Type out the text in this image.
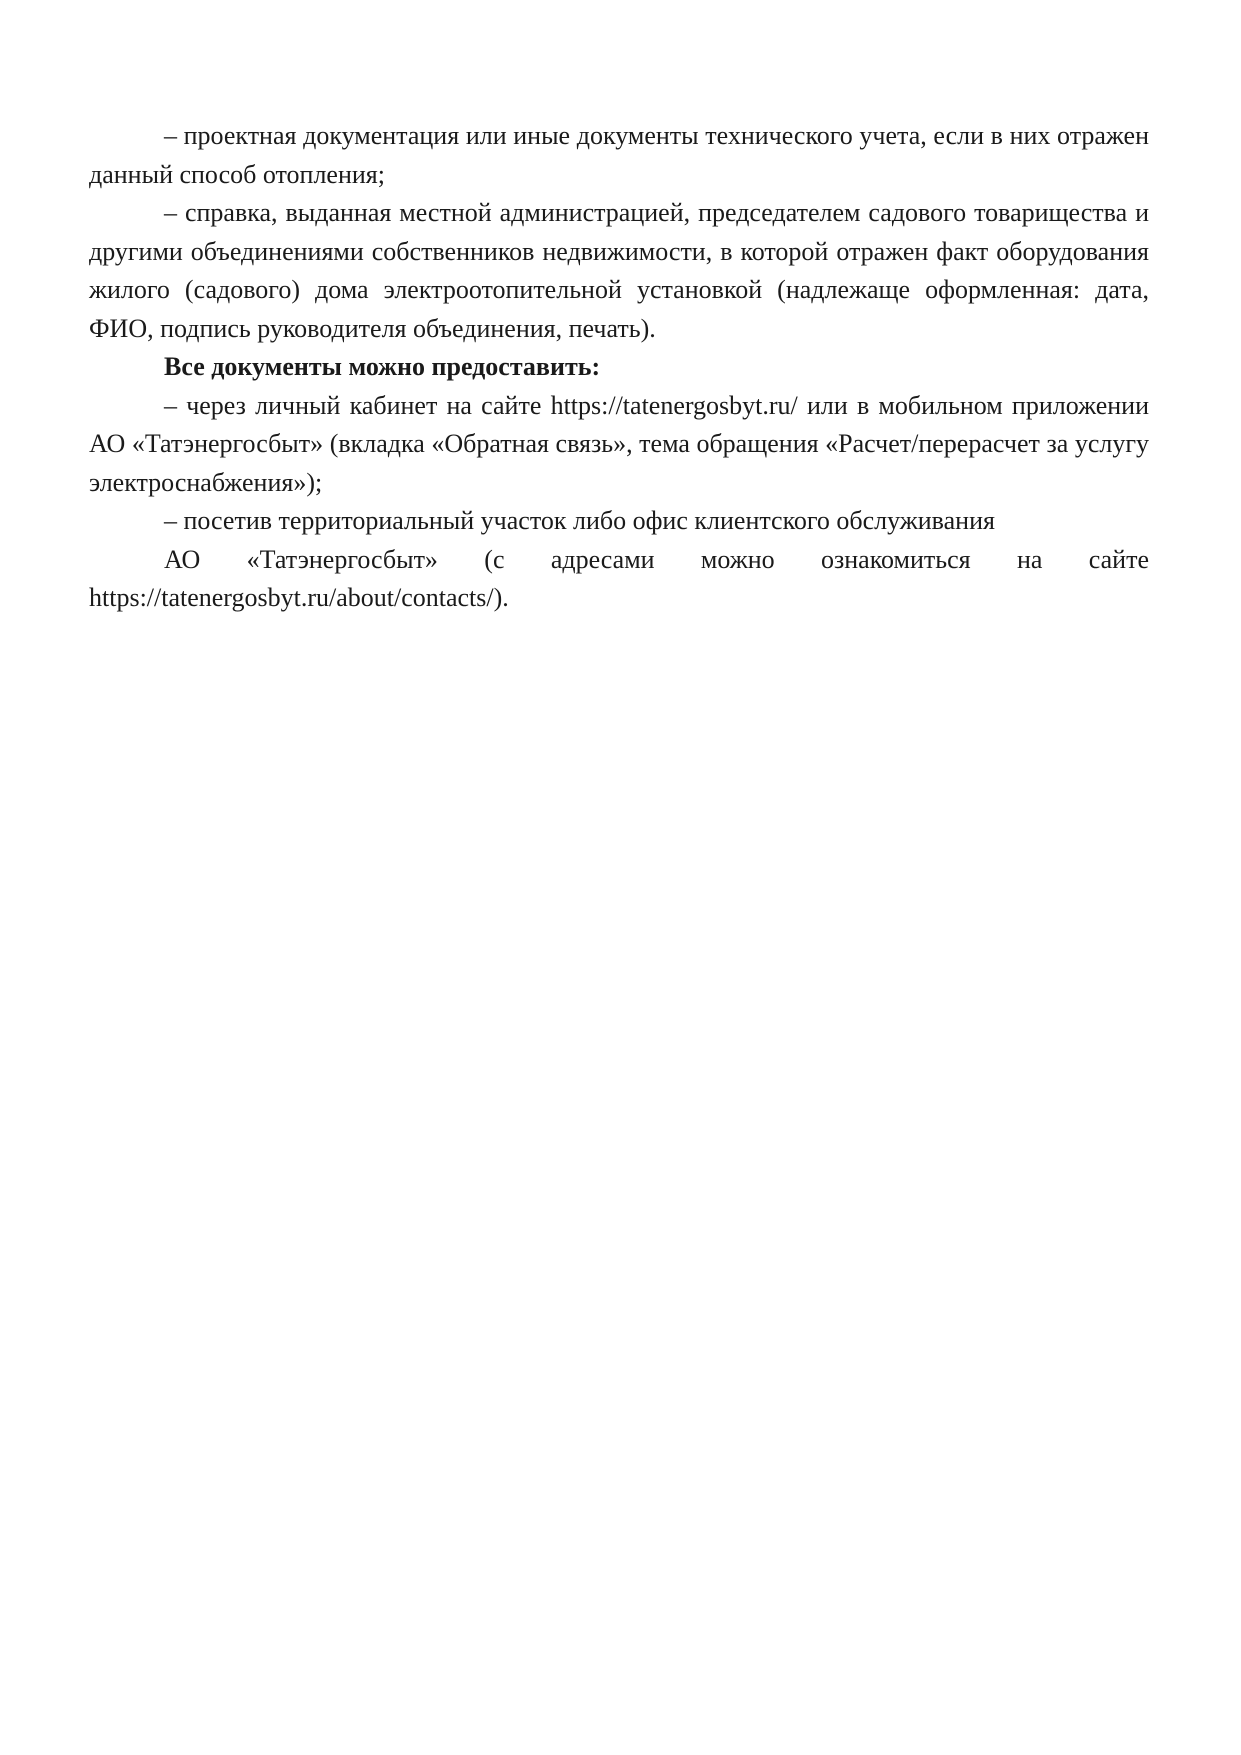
– проектная документация или иные документы технического учета, если в них отражен данный способ отопления;

– справка, выданная местной администрацией, председателем садового товарищества и другими объединениями собственников недвижимости, в которой отражен факт оборудования жилого (садового) дома электроотопительной установкой (надлежаще оформленная: дата, ФИО, подпись руководителя объединения, печать).

Все документы можно предоставить:

– через личный кабинет на сайте https://tatenergosbyt.ru/ или в мобильном приложении АО «Татэнергосбыт» (вкладка «Обратная связь», тема обращения «Расчет/перерасчет за услугу электроснабжения»);

– посетив территориальный участок либо офис клиентского обслуживания

АО «Татэнергосбыт» (с адресами можно ознакомиться на сайте https://tatenergosbyt.ru/about/contacts/).
